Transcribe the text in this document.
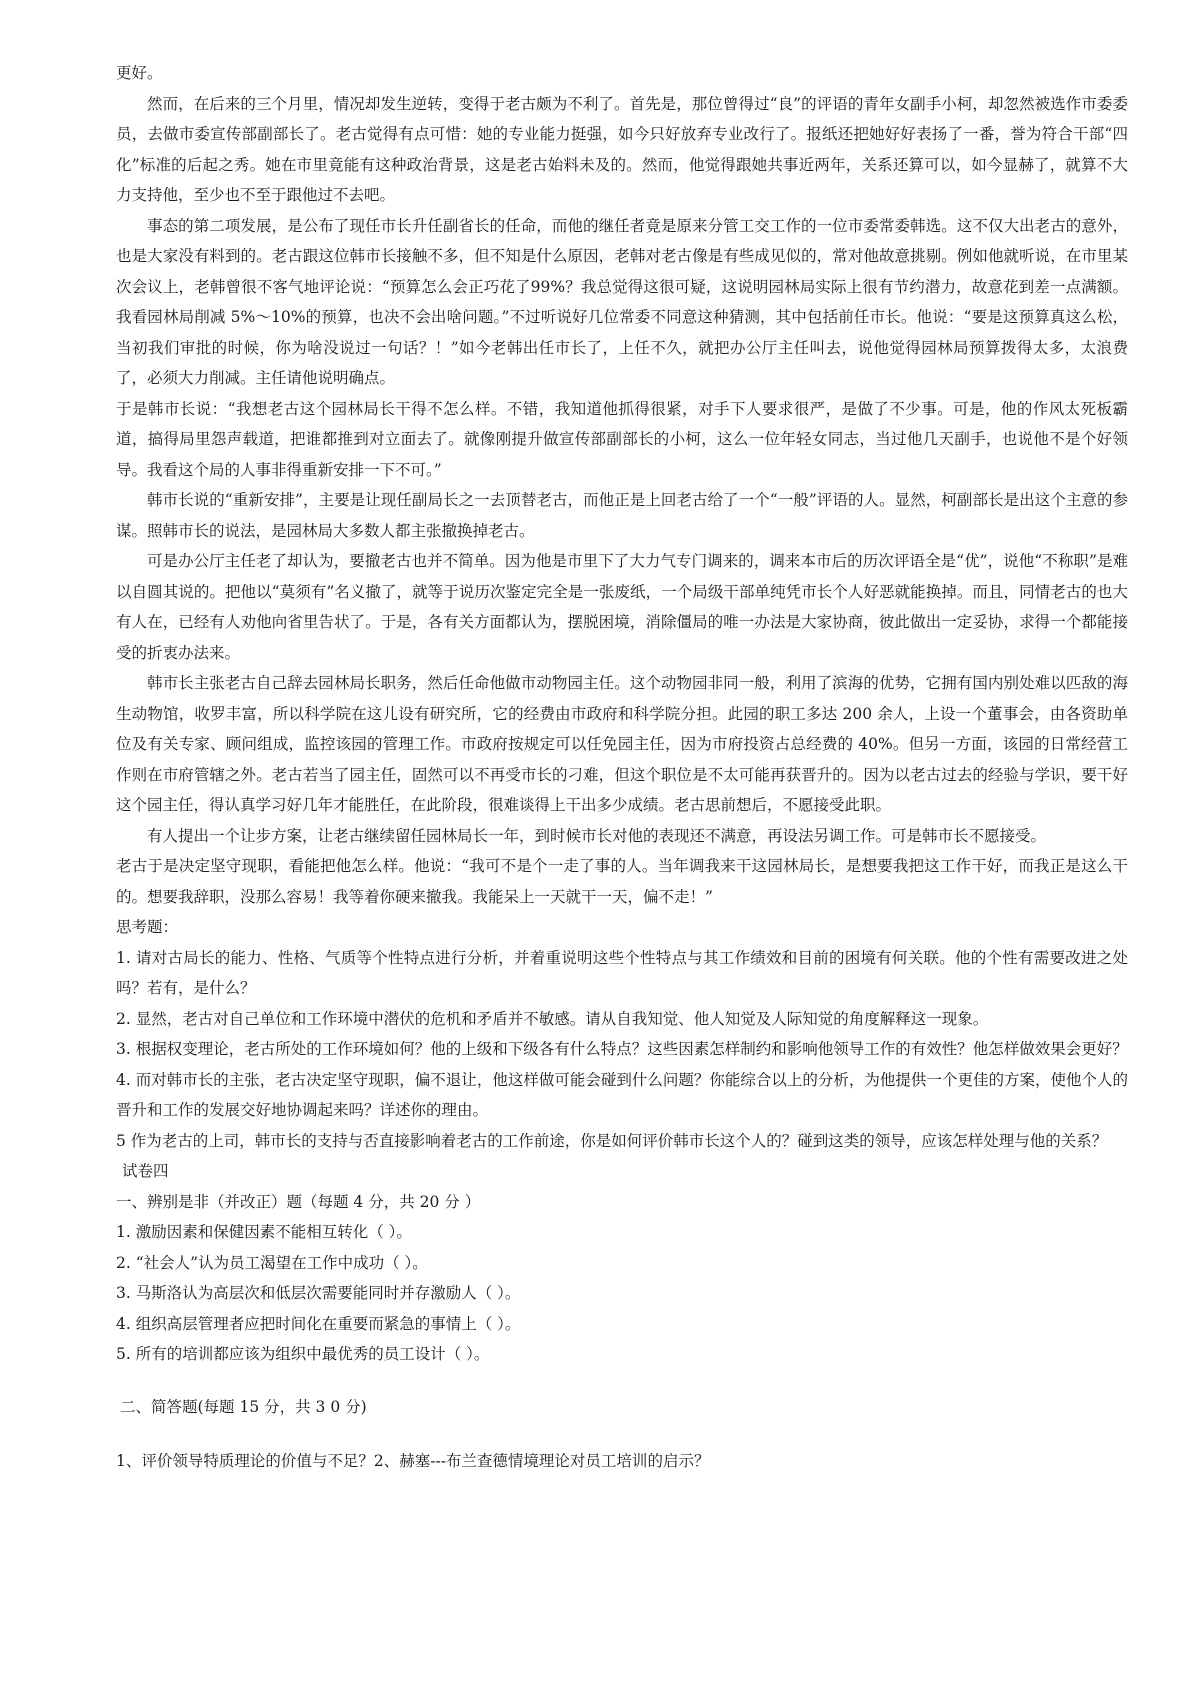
更好。

然而，在后来的三个月里，情况却发生逆转，变得于老古颇为不利了。首先是，那位曾得过“良”的评语的青年女副手小柯，却忽然被选作市委委员，去做市委宣传部副部长了。老古觉得有点可惜：她的专业能力挺强，如今只好放弃专业改行了。报纸还把她好好表扬了一番，誉为符合干部“四化”标准的后起之秀。她在市里竟能有这种政治背景，这是老古始料未及的。然而，他觉得跟她共事近两年，关系还算可以，如今显赫了，就算不大力支持他，至少也不至于跟他过不去吧。

事态的第二项发展，是公布了现任市长升任副省长的任命，而他的继任者竟是原来分管工交工作的一位市委常委韩选。这不仅大出老古的意外，也是大家没有料到的。老古跟这位韩市长接触不多，但不知是什么原因，老韩对老古像是有些成见似的，常对他故意挑剔。例如他就听说，在市里某次会议上，老韩曾很不客气地评论说：“预算怎么会正巧花了99%？我总觉得这很可疑，这说明园林局实际上很有节约潜力，故意花到差一点满额。我看园林局削减 5%～10%的预算，也决不会出啥问题。”不过听说好几位常委不同意这种猜测，其中包括前任市长。他说：“要是这预算真这么松，当初我们审批的时候，你为啥没说过一句话？！”如今老韩出任市长了，上任不久，就把办公厅主任叫去，说他觉得园林局预算拨得太多，太浪费了，必须大力削减。主任请他说明确点。

于是韩市长说：“我想老古这个园林局长干得不怎么样。不错，我知道他抓得很紧，对手下人要求很严，是做了不少事。可是，他的作风太死板霸道，搞得局里怨声载道，把谁都推到对立面去了。就像刚提升做宣传部副部长的小柯，这么一位年轻女同志，当过他几天副手，也说他不是个好领导。我看这个局的人事非得重新安排一下不可。”

韩市长说的“重新安排”，主要是让现任副局长之一去顶替老古，而他正是上回老古给了一个“一般”评语的人。显然，柯副部长是出这个主意的参谋。照韩市长的说法，是园林局大多数人都主张撤换掉老古。

可是办公厅主任老了却认为，要撤老古也并不简单。因为他是市里下了大力气专门调来的，调来本市后的历次评语全是“优”，说他“不称职”是难以自圆其说的。把他以“莫须有”名义撤了，就等于说历次鉴定完全是一张废纸，一个局级干部单纯凭市长个人好恶就能换掉。而且，同情老古的也大有人在，已经有人劝他向省里告状了。于是，各有关方面都认为，摆脱困境，消除僵局的唯一办法是大家协商，彼此做出一定妥协，求得一个都能接受的折衷办法来。

韩市长主张老古自己辞去园林局长职务，然后任命他做市动物园主任。这个动物园非同一般，利用了滨海的优势，它拥有国内别处难以匹敌的海生动物馆，收罗丰富，所以科学院在这儿设有研究所，它的经费由市政府和科学院分担。此园的职工多达 200 余人，上设一个董事会，由各资助单位及有关专家、顾问组成，监控该园的管理工作。市政府按规定可以任免园主任，因为市府投资占总经费的 40%。但另一方面，该园的日常经营工作则在市府管辖之外。老古若当了园主任，固然可以不再受市长的刁难，但这个职位是不太可能再获晋升的。因为以老古过去的经验与学识，要干好这个园主任，得认真学习好几年才能胜任，在此阶段，很难谈得上干出多少成绩。老古思前想后，不愿接受此职。

有人提出一个让步方案，让老古继续留任园林局长一年，到时候市长对他的表现还不满意，再设法另调工作。可是韩市长不愿接受。

老古于是决定坚守现职，看能把他怎么样。他说：“我可不是个一走了事的人。当年调我来干这园林局长，是想要我把这工作干好，而我正是这么干的。想要我辞职，没那么容易！我等着你硬来撤我。我能呆上一天就干一天，偏不走！”

思考题：

1. 请对古局长的能力、性格、气质等个性特点进行分析，并着重说明这些个性特点与其工作绩效和目前的困境有何关联。他的个性有需要改进之处吗？若有，是什么？

2. 显然，老古对自己单位和工作环境中潜伏的危机和矛盾并不敏感。请从自我知觉、他人知觉及人际知觉的角度解释这一现象。

3. 根据权变理论，老古所处的工作环境如何？他的上级和下级各有什么特点？这些因素怎样制约和影响他领导工作的有效性？他怎样做效果会更好？

4. 而对韩市长的主张，老古决定坚守现职，偏不退让，他这样做可能会碰到什么问题？你能综合以上的分析，为他提供一个更佳的方案，使他个人的晋升和工作的发展交好地协调起来吗？详述你的理由。

5 作为老古的上司，韩市长的支持与否直接影响着老古的工作前途，你是如何评价韩市长这个人的？碰到这类的领导，应该怎样处理与他的关系？

试卷四

一、辨别是非（并改正）题（每题 4 分，共 20 分 ）

1. 激励因素和保健因素不能相互转化（ ）。

2. “社会人”认为员工渴望在工作中成功（ ）。

3. 马斯洛认为高层次和低层次需要能同时并存激励人（ ）。

4. 组织高层管理者应把时间化在重要而紧急的事情上（ ）。

5. 所有的培训都应该为组织中最优秀的员工设计（ ）。

二、简答题(每题 15 分，共 3 0 分)

1、评价领导特质理论的价值与不足？2、赫塞---布兰查德情境理论对员工培训的启示？
